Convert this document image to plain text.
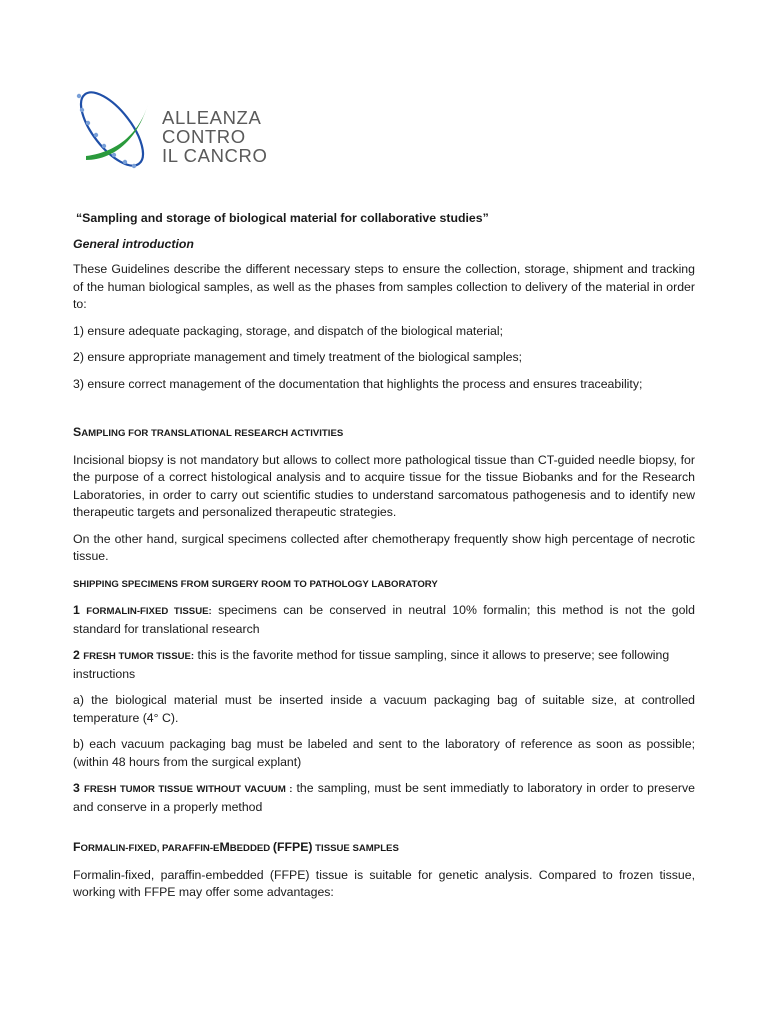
ALLEANZA
CONTRO
IL CANCRO

“Sampling and storage of biological material for collaborative studies”

General introduction

These Guidelines describe the different necessary steps to ensure the collection, storage, shipment and tracking of the human biological samples, as well as the phases from samples collection to delivery of the material in order to:

1) ensure adequate packaging, storage, and dispatch of the biological material;

2) ensure appropriate management and timely treatment of the biological samples;

3) ensure correct management of the documentation that highlights the process and ensures traceability;

SAMPLING FOR TRANSLATIONAL RESEARCH ACTIVITIES

Incisional biopsy is not mandatory but allows to collect more pathological tissue than CT-guided needle biopsy, for the purpose of a correct histological analysis and to acquire tissue for the tissue Biobanks and for the Research Laboratories, in order to carry out scientific studies to understand sarcomatous pathogenesis and to identify new therapeutic targets and personalized therapeutic strategies.

On the other hand, surgical specimens collected after chemotherapy frequently show high percentage of necrotic tissue.

SHIPPING SPECIMENS FROM SURGERY ROOM TO PATHOLOGY LABORATORY

1 FORMALIN-FIXED TISSUE: specimens can be conserved in neutral 10% formalin; this method is not the gold standard for translational research

2 FRESH TUMOR TISSUE: this is the favorite method for tissue sampling, since it allows to preserve; see following instructions

a) the biological material must be inserted inside a vacuum packaging bag of suitable size, at controlled temperature (4° C).

b) each vacuum packaging bag must be labeled and sent to the laboratory of reference as soon as possible; (within 48 hours from the surgical explant)

3 FRESH TUMOR TISSUE WITHOUT VACUUM : the sampling, must be sent immediatly to laboratory in order to preserve and conserve in a properly method

FORMALIN-FIXED, PARAFFIN-EMBEDDED (FFPE) TISSUE SAMPLES

Formalin-fixed, paraffin-embedded (FFPE) tissue is suitable for genetic analysis. Compared to frozen tissue, working with FFPE may offer some advantages:
